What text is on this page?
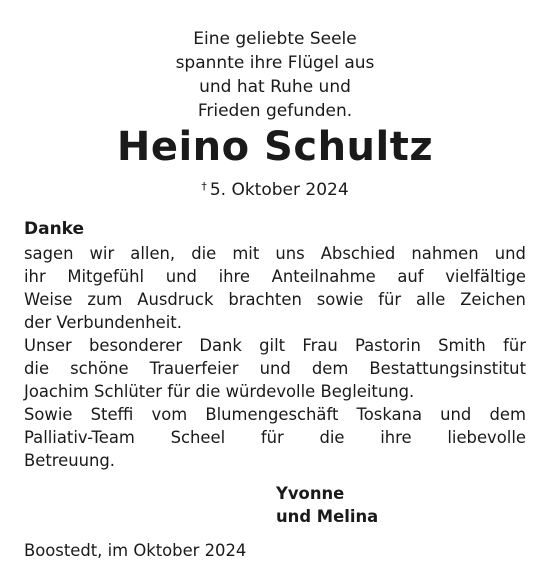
Eine geliebte Seele
spannte ihre Flügel aus
und hat Ruhe und
Frieden gefunden.
Heino Schultz
† 5. Oktober 2024
Danke
sagen wir allen, die mit uns Abschied nahmen und
ihr Mitgefühl und ihre Anteilnahme auf vielfältige
Weise zum Ausdruck brachten sowie für alle Zeichen
der Verbundenheit.
Unser besonderer Dank gilt Frau Pastorin Smith für
die schöne Trauerfeier und dem Bestattungsinstitut
Joachim Schlüter für die würdevolle Begleitung.
Sowie Steffi vom Blumengeschäft Toskana und dem
Palliativ-Team Scheel für die ihre liebevolle
Betreuung.
Yvonne
und Melina
Boostedt, im Oktober 2024
